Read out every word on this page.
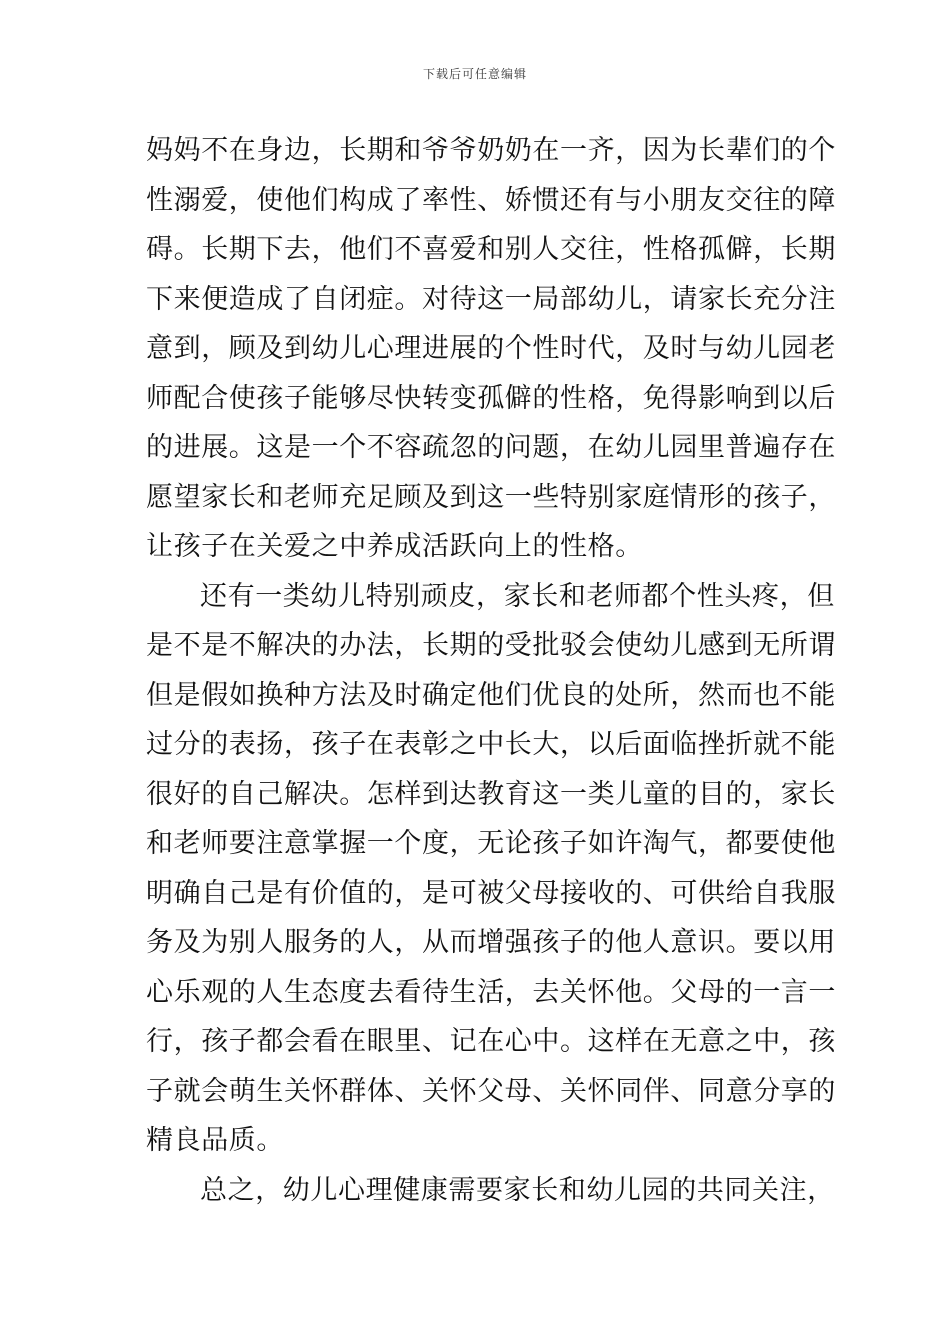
下载后可任意编辑
妈妈不在身边，长期和爷爷奶奶在一齐，因为长辈们的个
性溺爱，使他们构成了率性、娇惯还有与小朋友交往的障
碍。长期下去，他们不喜爱和别人交往，性格孤僻，长期
下来便造成了自闭症。对待这一局部幼儿，请家长充分注
意到，顾及到幼儿心理进展的个性时代，及时与幼儿园老
师配合使孩子能够尽快转变孤僻的性格，免得影响到以后
的进展。这是一个不容疏忽的问题，在幼儿园里普遍存在
愿望家长和老师充足顾及到这一些特别家庭情形的孩子，
让孩子在关爱之中养成活跃向上的性格。
还有一类幼儿特别顽皮，家长和老师都个性头疼，但
是不是不解决的办法，长期的受批驳会使幼儿感到无所谓
但是假如换种方法及时确定他们优良的处所，然而也不能
过分的表扬，孩子在表彰之中长大，以后面临挫折就不能
很好的自己解决。怎样到达教育这一类儿童的目的，家长
和老师要注意掌握一个度，无论孩子如许淘气，都要使他
明确自己是有价值的，是可被父母接收的、可供给自我服
务及为别人服务的人，从而增强孩子的他人意识。要以用
心乐观的人生态度去看待生活，去关怀他。父母的一言一
行，孩子都会看在眼里、记在心中。这样在无意之中，孩
子就会萌生关怀群体、关怀父母、关怀同伴、同意分享的
精良品质。
总之，幼儿心理健康需要家长和幼儿园的共同关注，
